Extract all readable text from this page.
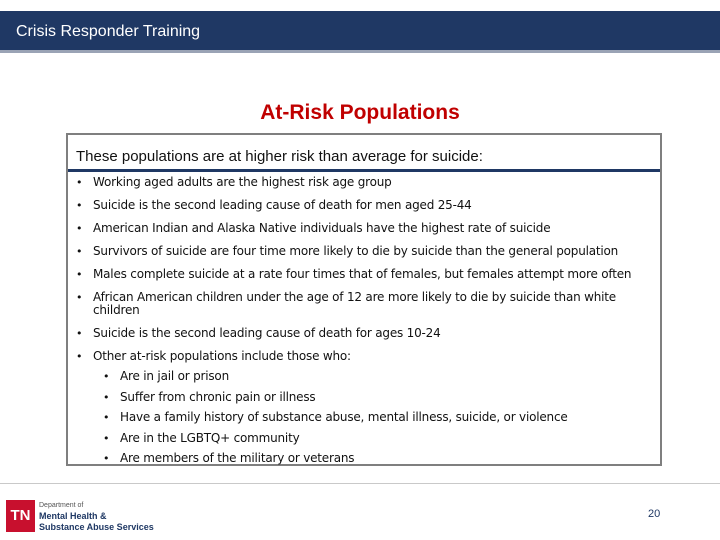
Crisis Responder Training
At-Risk Populations
These populations are at higher risk than average for suicide:
• Working aged adults are the highest risk age group
• Suicide is the second leading cause of death for men aged 25-44
• American Indian and Alaska Native individuals have the highest rate of suicide
• Survivors of suicide are four time more likely to die by suicide than the general population
• Males complete suicide at a rate four times that of females, but females attempt more often
• African American children under the age of 12 are more likely to die by suicide than white children
• Suicide is the second leading cause of death for ages 10-24
• Other at-risk populations include those who:
• Are in jail or prison
• Suffer from chronic pain or illness
• Have a family history of substance abuse, mental illness, suicide, or violence
• Are in the LGBTQ+ community
• Are members of the military or veterans
TN
Department of
Mental Health &
Substance Abuse Services
20
